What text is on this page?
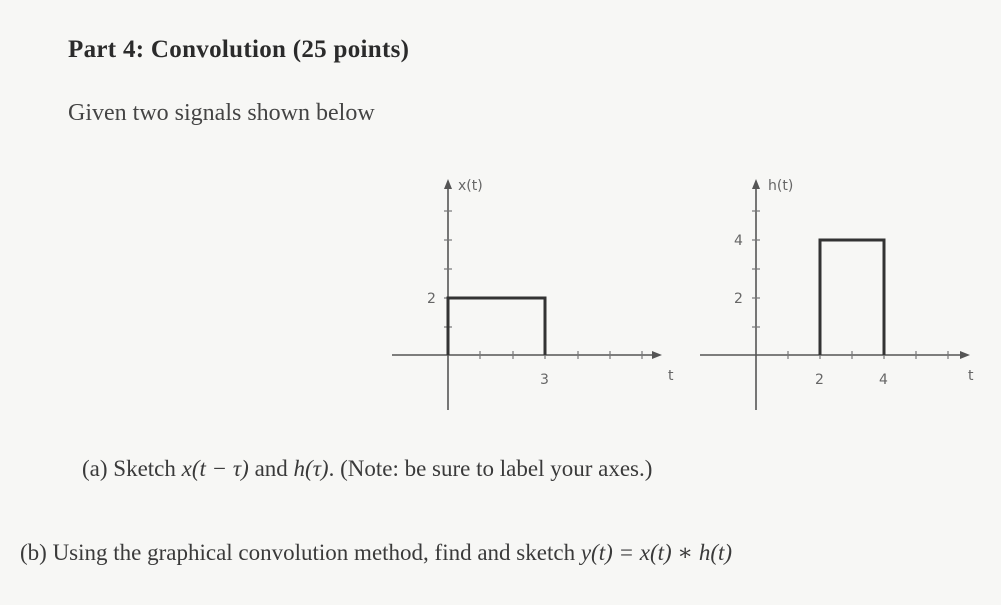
Part 4: Convolution (25 points)
Given two signals shown below
x(t)
2
3	t
h(t)
4
2
2	4	t
(a) Sketch x(t − τ) and h(τ). (Note: be sure to label your axes.)
(b) Using the graphical convolution method, find and sketch y(t) = x(t) ∗ h(t)
